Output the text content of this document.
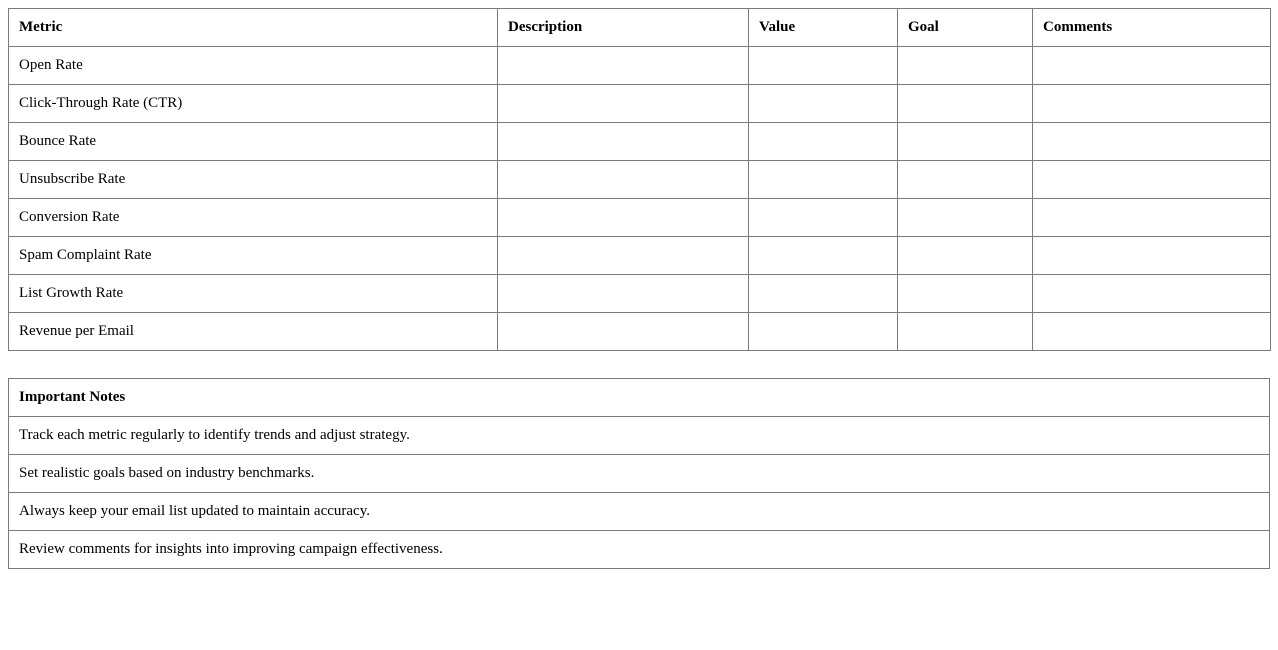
Metric	Description	Value	Goal	Comments
Open Rate				
Click-Through Rate (CTR)				
Bounce Rate				
Unsubscribe Rate				
Conversion Rate				
Spam Complaint Rate				
List Growth Rate				
Revenue per Email				
Important Notes
Track each metric regularly to identify trends and adjust strategy.
Set realistic goals based on industry benchmarks.
Always keep your email list updated to maintain accuracy.
Review comments for insights into improving campaign effectiveness.
